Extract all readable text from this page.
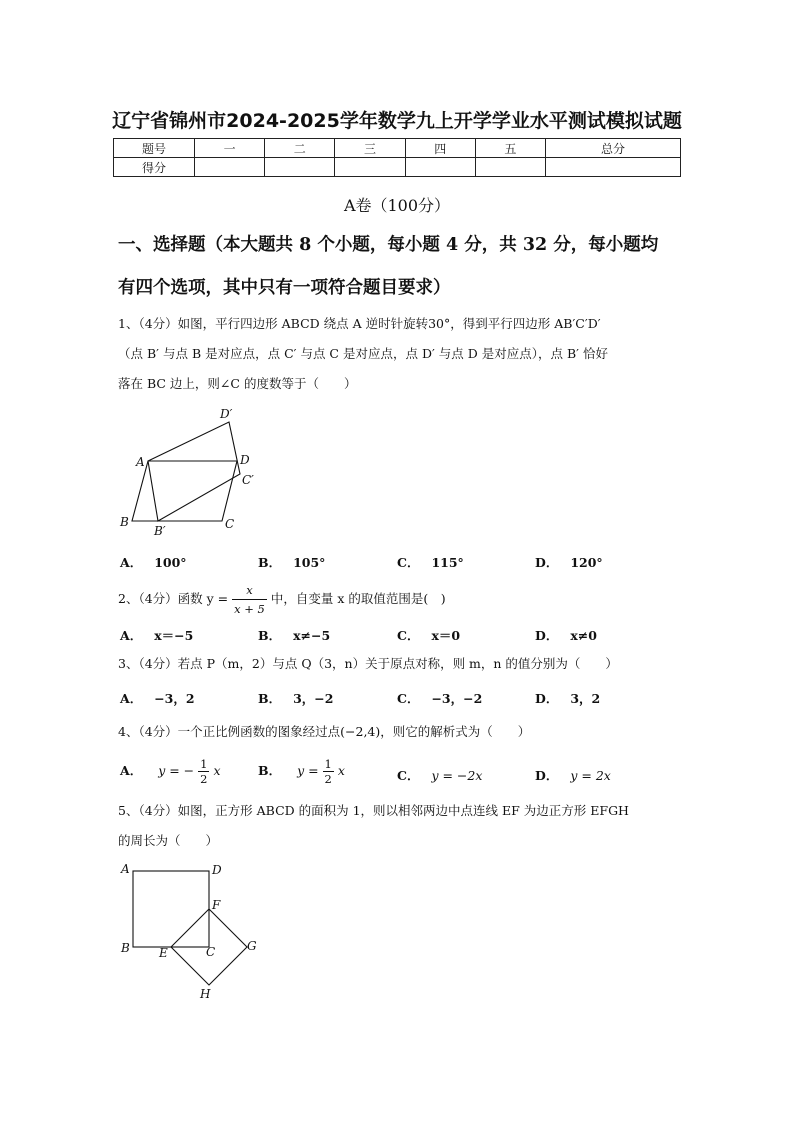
辽宁省锦州市2024-2025学年数学九上开学学业水平测试模拟试题
题号	一	二	三	四	五	总分
得分						
A卷（100分）
一、选择题（本大题共 8 个小题，每小题 4 分，共 32 分，每小题均
有四个选项，其中只有一项符合题目要求）
1、（4分）如图，平行四边形 ABCD 绕点 A 逆时针旋转30°，得到平行四边形 AB′C′D′
（点 B′ 与点 B 是对应点，点 C′ 与点 C 是对应点，点 D′ 与点 D 是对应点），点 B′ 恰好
落在 BC 边上，则∠C 的度数等于（　　）
A
B	C
D
B′
C′
D′
A． 100°	B． 105°	C． 115°	D． 120°
2、（4分）函数 $y = \frac{x}{x + 5}$ 中，自变量 x 的取值范围是(　)
A． x＝−5	B． x≠−5	C． x＝0	D． x≠0
3、（4分）若点 P（m，2）与点 Q（3，n）关于原点对称，则 m，n 的值分别为（　　）
A． −3，2	B． 3，−2	C． −3，−2	D． 3，2
4、（4分）一个正比例函数的图象经过点(−2,4)，则它的解析式为（　　）
A． y = − $\frac{1}{2}$ x	B． $y = \frac{1}{2}$ x	C． y = −2x	D． y = 2x
5、（4分）如图，正方形 ABCD 的面积为 1，则以相邻两边中点连线 EF 为边正方形 EFGH
的周长为（　　）
A	D
B E	C
F
G
H
